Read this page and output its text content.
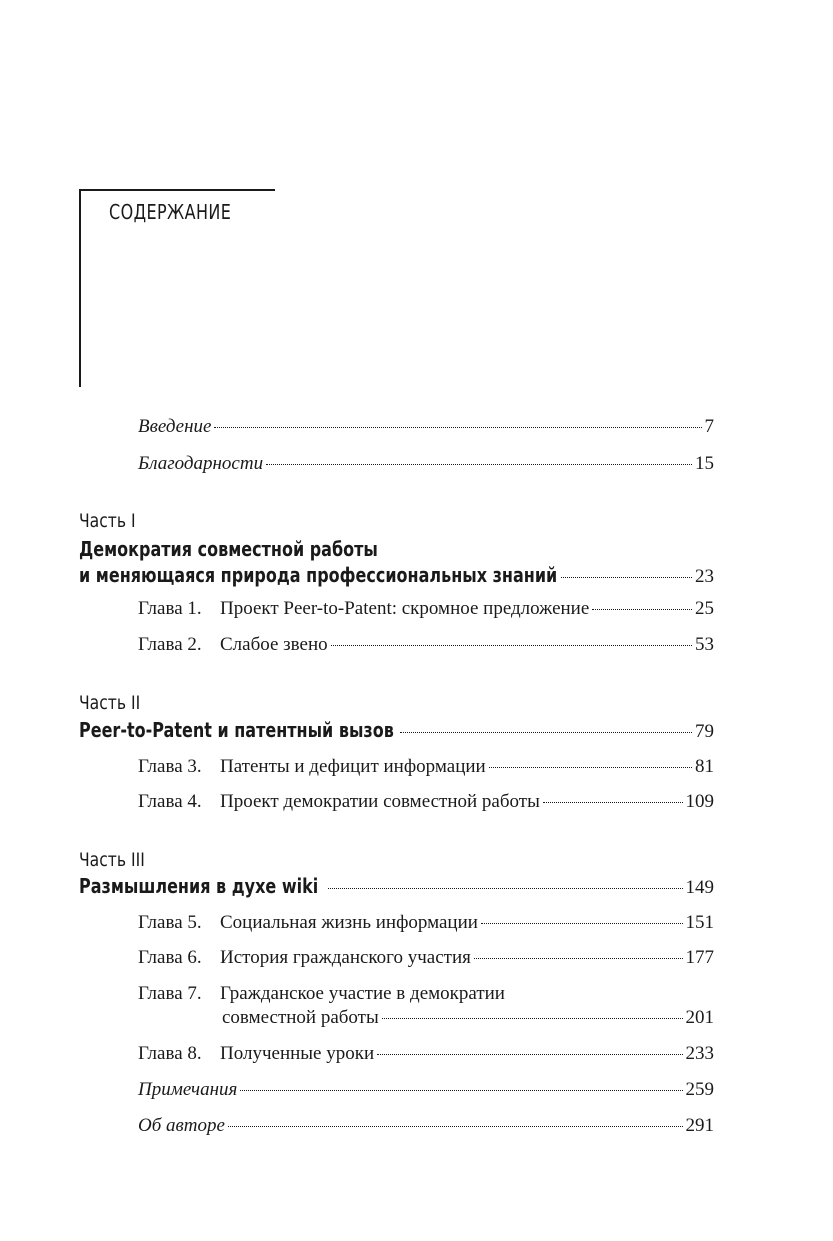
СОДЕРЖАНИЕ
Введение	7
Благодарности	15
Часть I
Демократия совместной работы
и меняющаяся природа профессиональных знаний	23
Глава 1. Проект Peer-to-Patent: скромное предложение	25
Глава 2. Слабое звено	53
Часть II
Peer-to-Patent и патентный вызов	79
Глава 3. Патенты и дефицит информации	81
Глава 4. Проект демократии совместной работы	109
Часть III
Размышления в духе wiki	149
Глава 5. Социальная жизнь информации	151
Глава 6. История гражданского участия	177
Глава 7. Гражданское участие в демократии
совместной работы	201
Глава 8. Полученные уроки	233
Примечания	259
Об авторе	291
